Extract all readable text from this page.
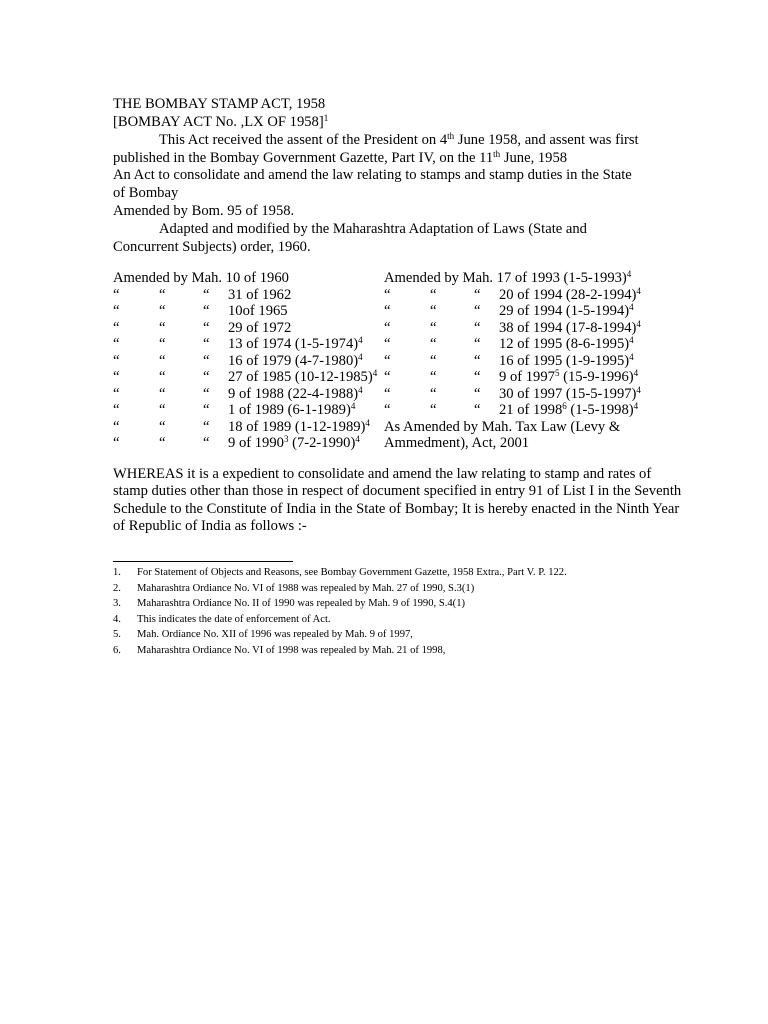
THE BOMBAY STAMP ACT, 1958
[BOMBAY ACT No. ,LX OF 1958]$^1$
This Act received the assent of the President on 4th June 1958, and assent was first
published in the Bombay Government Gazette, Part IV, on the 11th June, 1958
An Act to consolidate and amend the law relating to stamps and stamp duties in the State
of Bombay
Amended by Bom. 95 of 1958.
Adapted and modified by the Maharashtra Adaptation of Laws (State and
Concurrent Subjects) order, 1960.
Amended by Mah. 10 of 1960
“	“	“ 31 of 1962
“	“	“ 10of 1965
“	“	“ 29 of 1972
“	“	“ 13 of 1974 $(1-5-1974)^4$
“	“	“ 16 of 1979 $(4-7-1980)^4$
“	“	“ 27 of 1985 $(10-12-1985)^4$
“	“	“ 9 of 1988 $(22-4-1988)^4$
“	“	“ 1 of 1989 $(6-1-1989)^4$
“	“	“ 18 of 1989 $(1-12-1989)^4$
“	“	“ 9 of 1990$^3$ $(7-2-1990)^4$
Amended by Mah. 17 of 1993 $(1-5-1993)^4$
“	“	“ 20 of 1994 $(28-2-1994)^4$
“	“	“ 29 of 1994 $(1-5-1994)^4$
“	“	“ 38 of 1994 $(17-8-1994)^4$
“	“	“ 12 of 1995 $(8-6-1995)^4$
“	“	“ 16 of 1995 $(1-9-1995)^4$
“	“	“ 9 of 1997$^5$ $(15-9-1996)^4$
“	“	“ 30 of 1997 $(15-5-1997)^4$
“	“	“ 21 of 1998$^6$ $(1-5-1998)^4$
As Amended by Mah. Tax Law (Levy &
Ammedment), Act, 2001
WHEREAS it is a expedient to consolidate and amend the law relating to stamp and rates of
stamp duties other than those in respect of document specified in entry 91 of List I in the Seventh
Schedule to the Constitute of India in the State of Bombay; It is hereby enacted in the Ninth Year
of Republic of India as follows :-
1. For Statement of Objects and Reasons, see Bombay Government Gazette, 1958 Extra., Part V. P. 122.
2. Maharashtra Ordiance No. VI of 1988 was repealed by Mah. 27 of 1990, S.3(1)
3. Maharashtra Ordiance No. II of 1990 was repealed by Mah. 9 of 1990, S.4(1)
4. This indicates the date of enforcement of Act.
5. Mah. Ordiance No. XII of 1996 was repealed by Mah. 9 of 1997,
6. Maharashtra Ordiance No. VI of 1998 was repealed by Mah. 21 of 1998,
